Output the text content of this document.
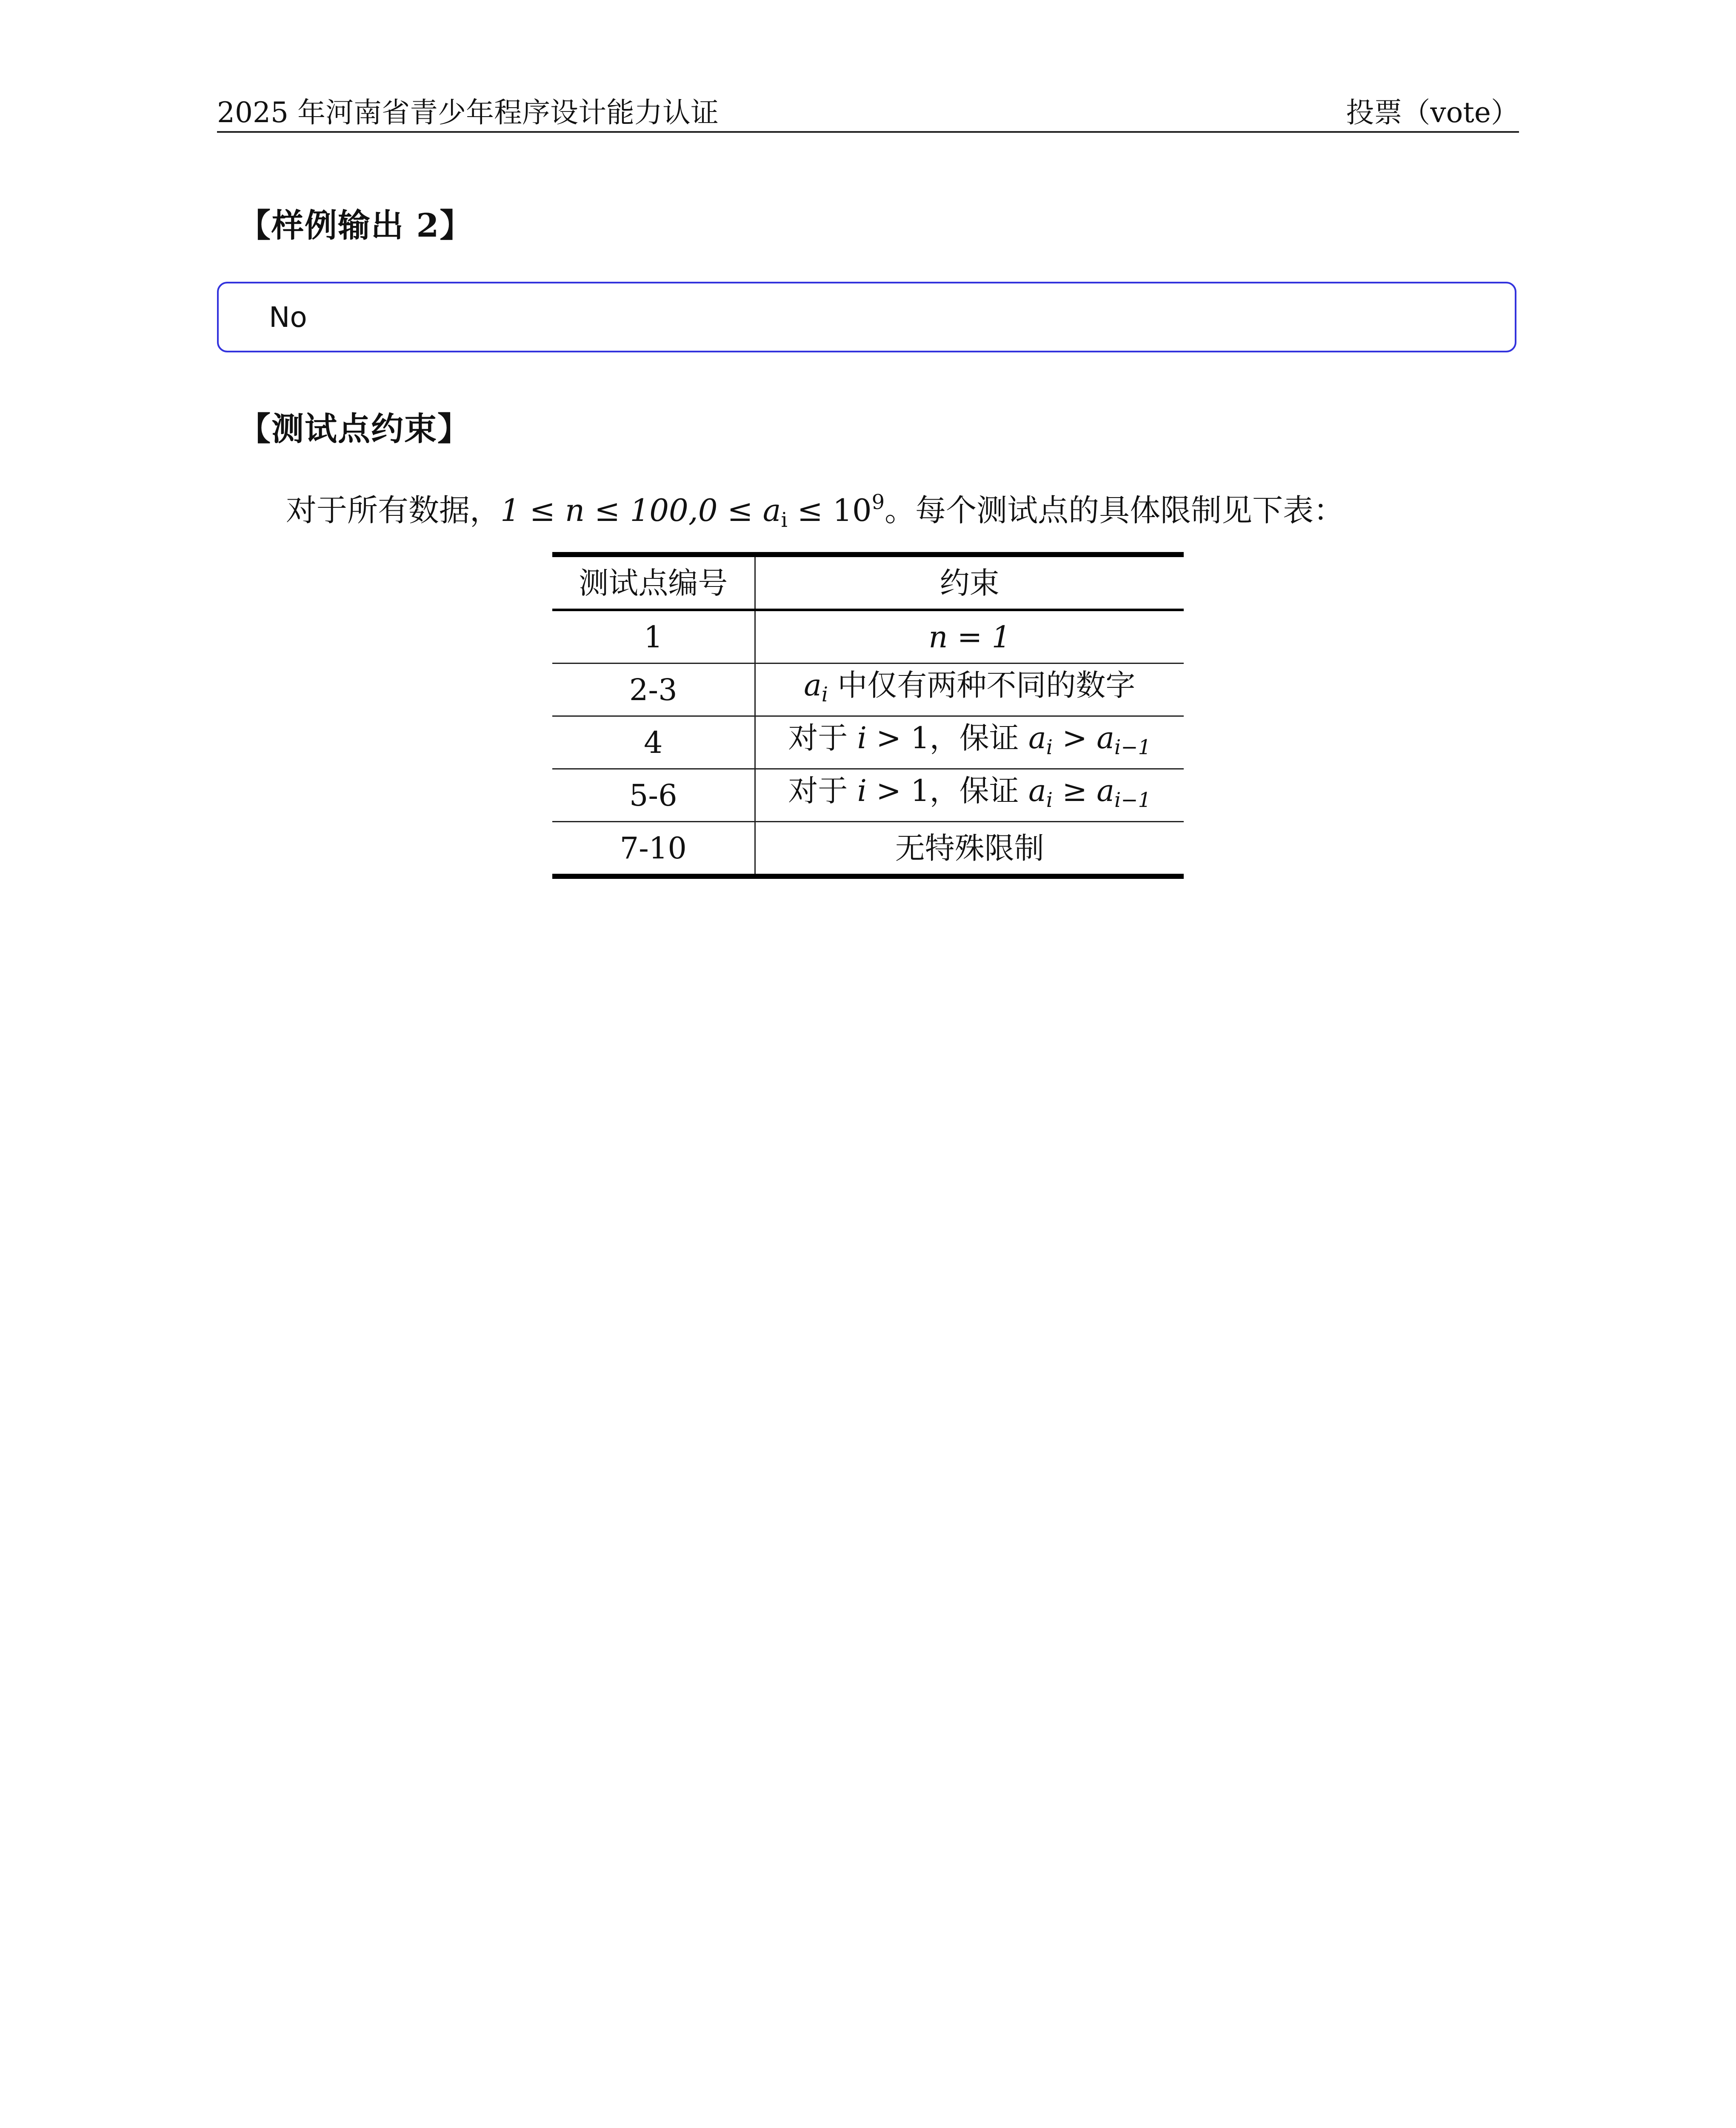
2025 年河南省青少年程序设计能力认证	投票（vote）
【样例输出 2】
No
【测试点约束】
对于所有数据，$1 \le n \le 100,0 \le a_i \le 10^9$。每个测试点的具体限制见下表：
测试点编号	约束
1	n = 1
2-3	$a_i$ 中仅有两种不同的数字
4	对于 i > 1，保证 $a_i > a_{i-1}$
5-6	对于 i > 1，保证 $a_i \ge a_{i-1}$
7-10	无特殊限制
